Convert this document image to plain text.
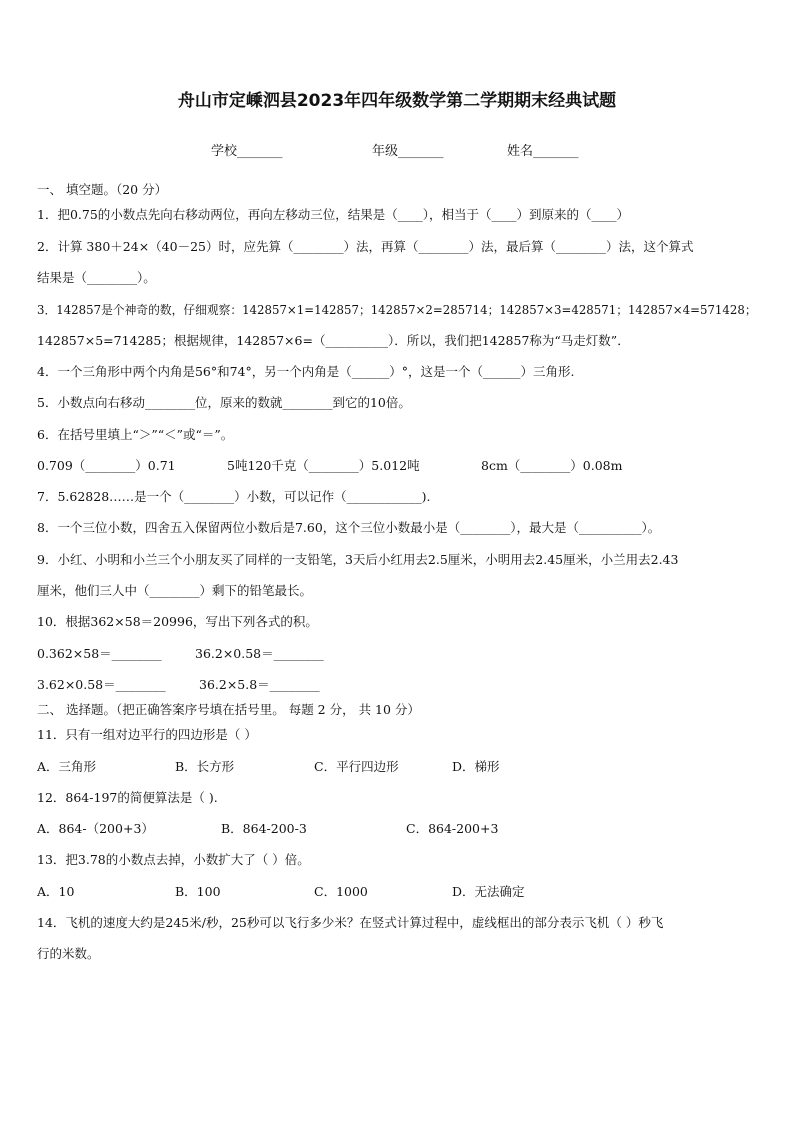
舟山市定嵊泗县2023年四年级数学第二学期期末经典试题
学校_______	年级_______	姓名_______
一、 填空题。（20 分）
1．把0.75的小数点先向右移动两位，再向左移动三位，结果是（____），相当于（____）到原来的（____）
2．计算 380＋24×（40－25）时，应先算（________）法，再算（________）法，最后算（________）法，这个算式
结果是（________）。
3．142857是个神奇的数，仔细观察：142857×1=142857；142857×2=285714；142857×3=428571；142857×4=571428；
142857×5=714285；根据规律，142857×6=（__________）．所以，我们把142857称为“马走灯数”．
4．一个三角形中两个内角是56°和74°，另一个内角是（______）°，这是一个（______）三角形.
5．小数点向右移动________位，原来的数就________到它的10倍。
6．在括号里填上“＞”“＜”或“＝”。
0.709（________）0.71	5吨120千克（________）5.012吨	8cm（________）0.08m
7．5.62828……是一个（________）小数，可以记作（____________).
8．一个三位小数，四舍五入保留两位小数后是7.60，这个三位小数最小是（________），最大是（__________）。
9．小红、小明和小兰三个小朋友买了同样的一支铅笔，3天后小红用去2.5厘米，小明用去2.45厘米，小兰用去2.43
厘米，他们三人中（________）剩下的铅笔最长。
10．根据362×58＝20996，写出下列各式的积。
0.362×58＝________	36.2×0.58＝________
3.62×0.58＝________	36.2×5.8＝________
二、 选择题。（把正确答案序号填在括号里。 每题 2 分， 共 10 分）
11．只有一组对边平行的四边形是（ ）
A．三角形	B．长方形	C．平行四边形	D．梯形
12．864-197的简便算法是（ ).
A．864-（200+3）	B．864-200-3	C．864-200+3
13．把3.78的小数点去掉，小数扩大了（ ）倍。
A．10	B．100	C．1000	D．无法确定
14．飞机的速度大约是245米/秒，25秒可以飞行多少米？在竖式计算过程中，虚线框出的部分表示飞机（ ）秒飞
行的米数。
